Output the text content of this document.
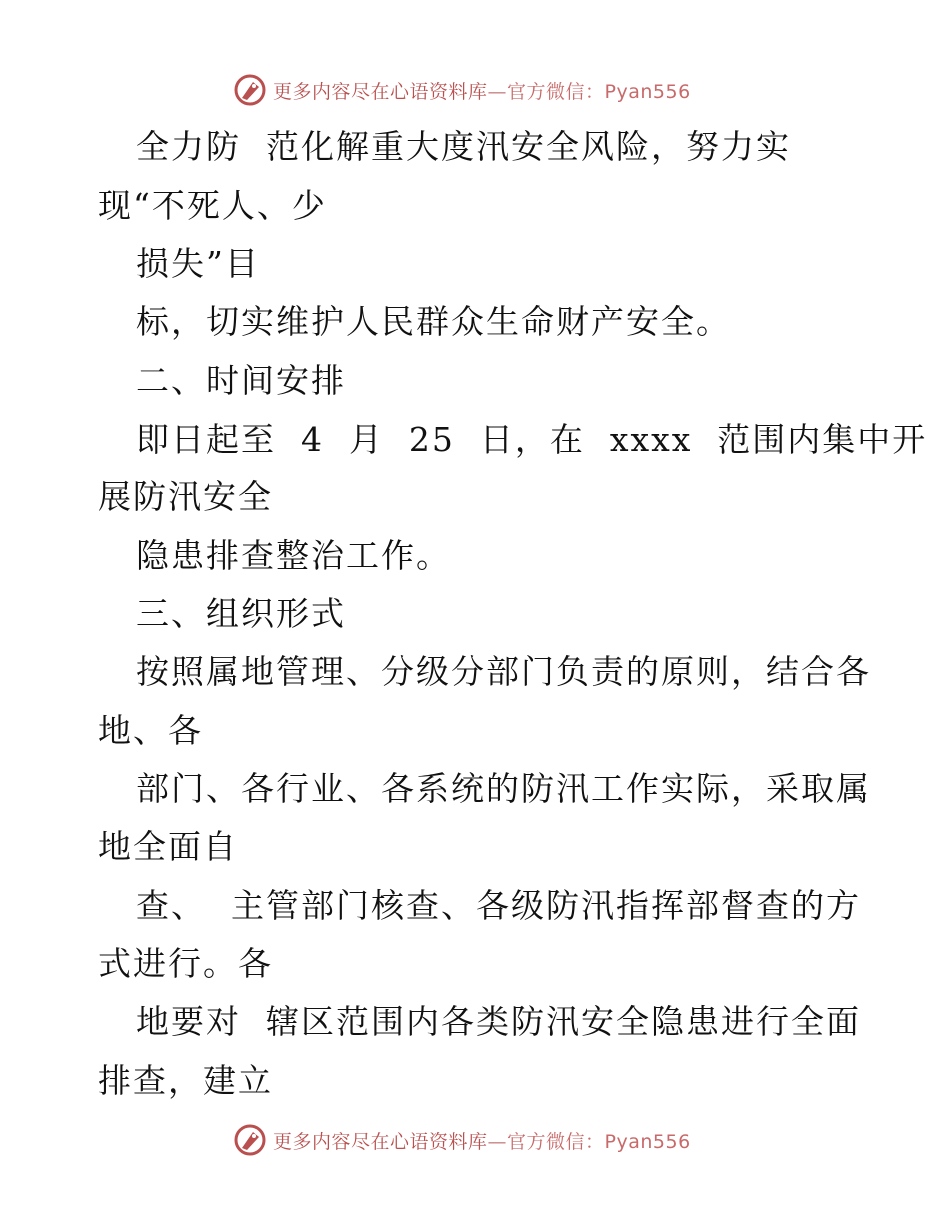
更多内容尽在心语资料库—官方微信：Pyan556
全力防  范化解重大度汛安全风险，努力实
现“不死人、少
损失”目
标，切实维护人民群众生命财产安全。
二、时间安排
即日起至  4  月  25  日，在  xxxx  范围内集中开
展防汛安全
隐患排查整治工作。
三、组织形式
按照属地管理、分级分部门负责的原则，结合各
地、各
部门、各行业、各系统的防汛工作实际，采取属
地全面自
查、  主管部门核查、各级防汛指挥部督查的方
式进行。各
地要对  辖区范围内各类防汛安全隐患进行全面
排查，建立
更多内容尽在心语资料库—官方微信：Pyan556
